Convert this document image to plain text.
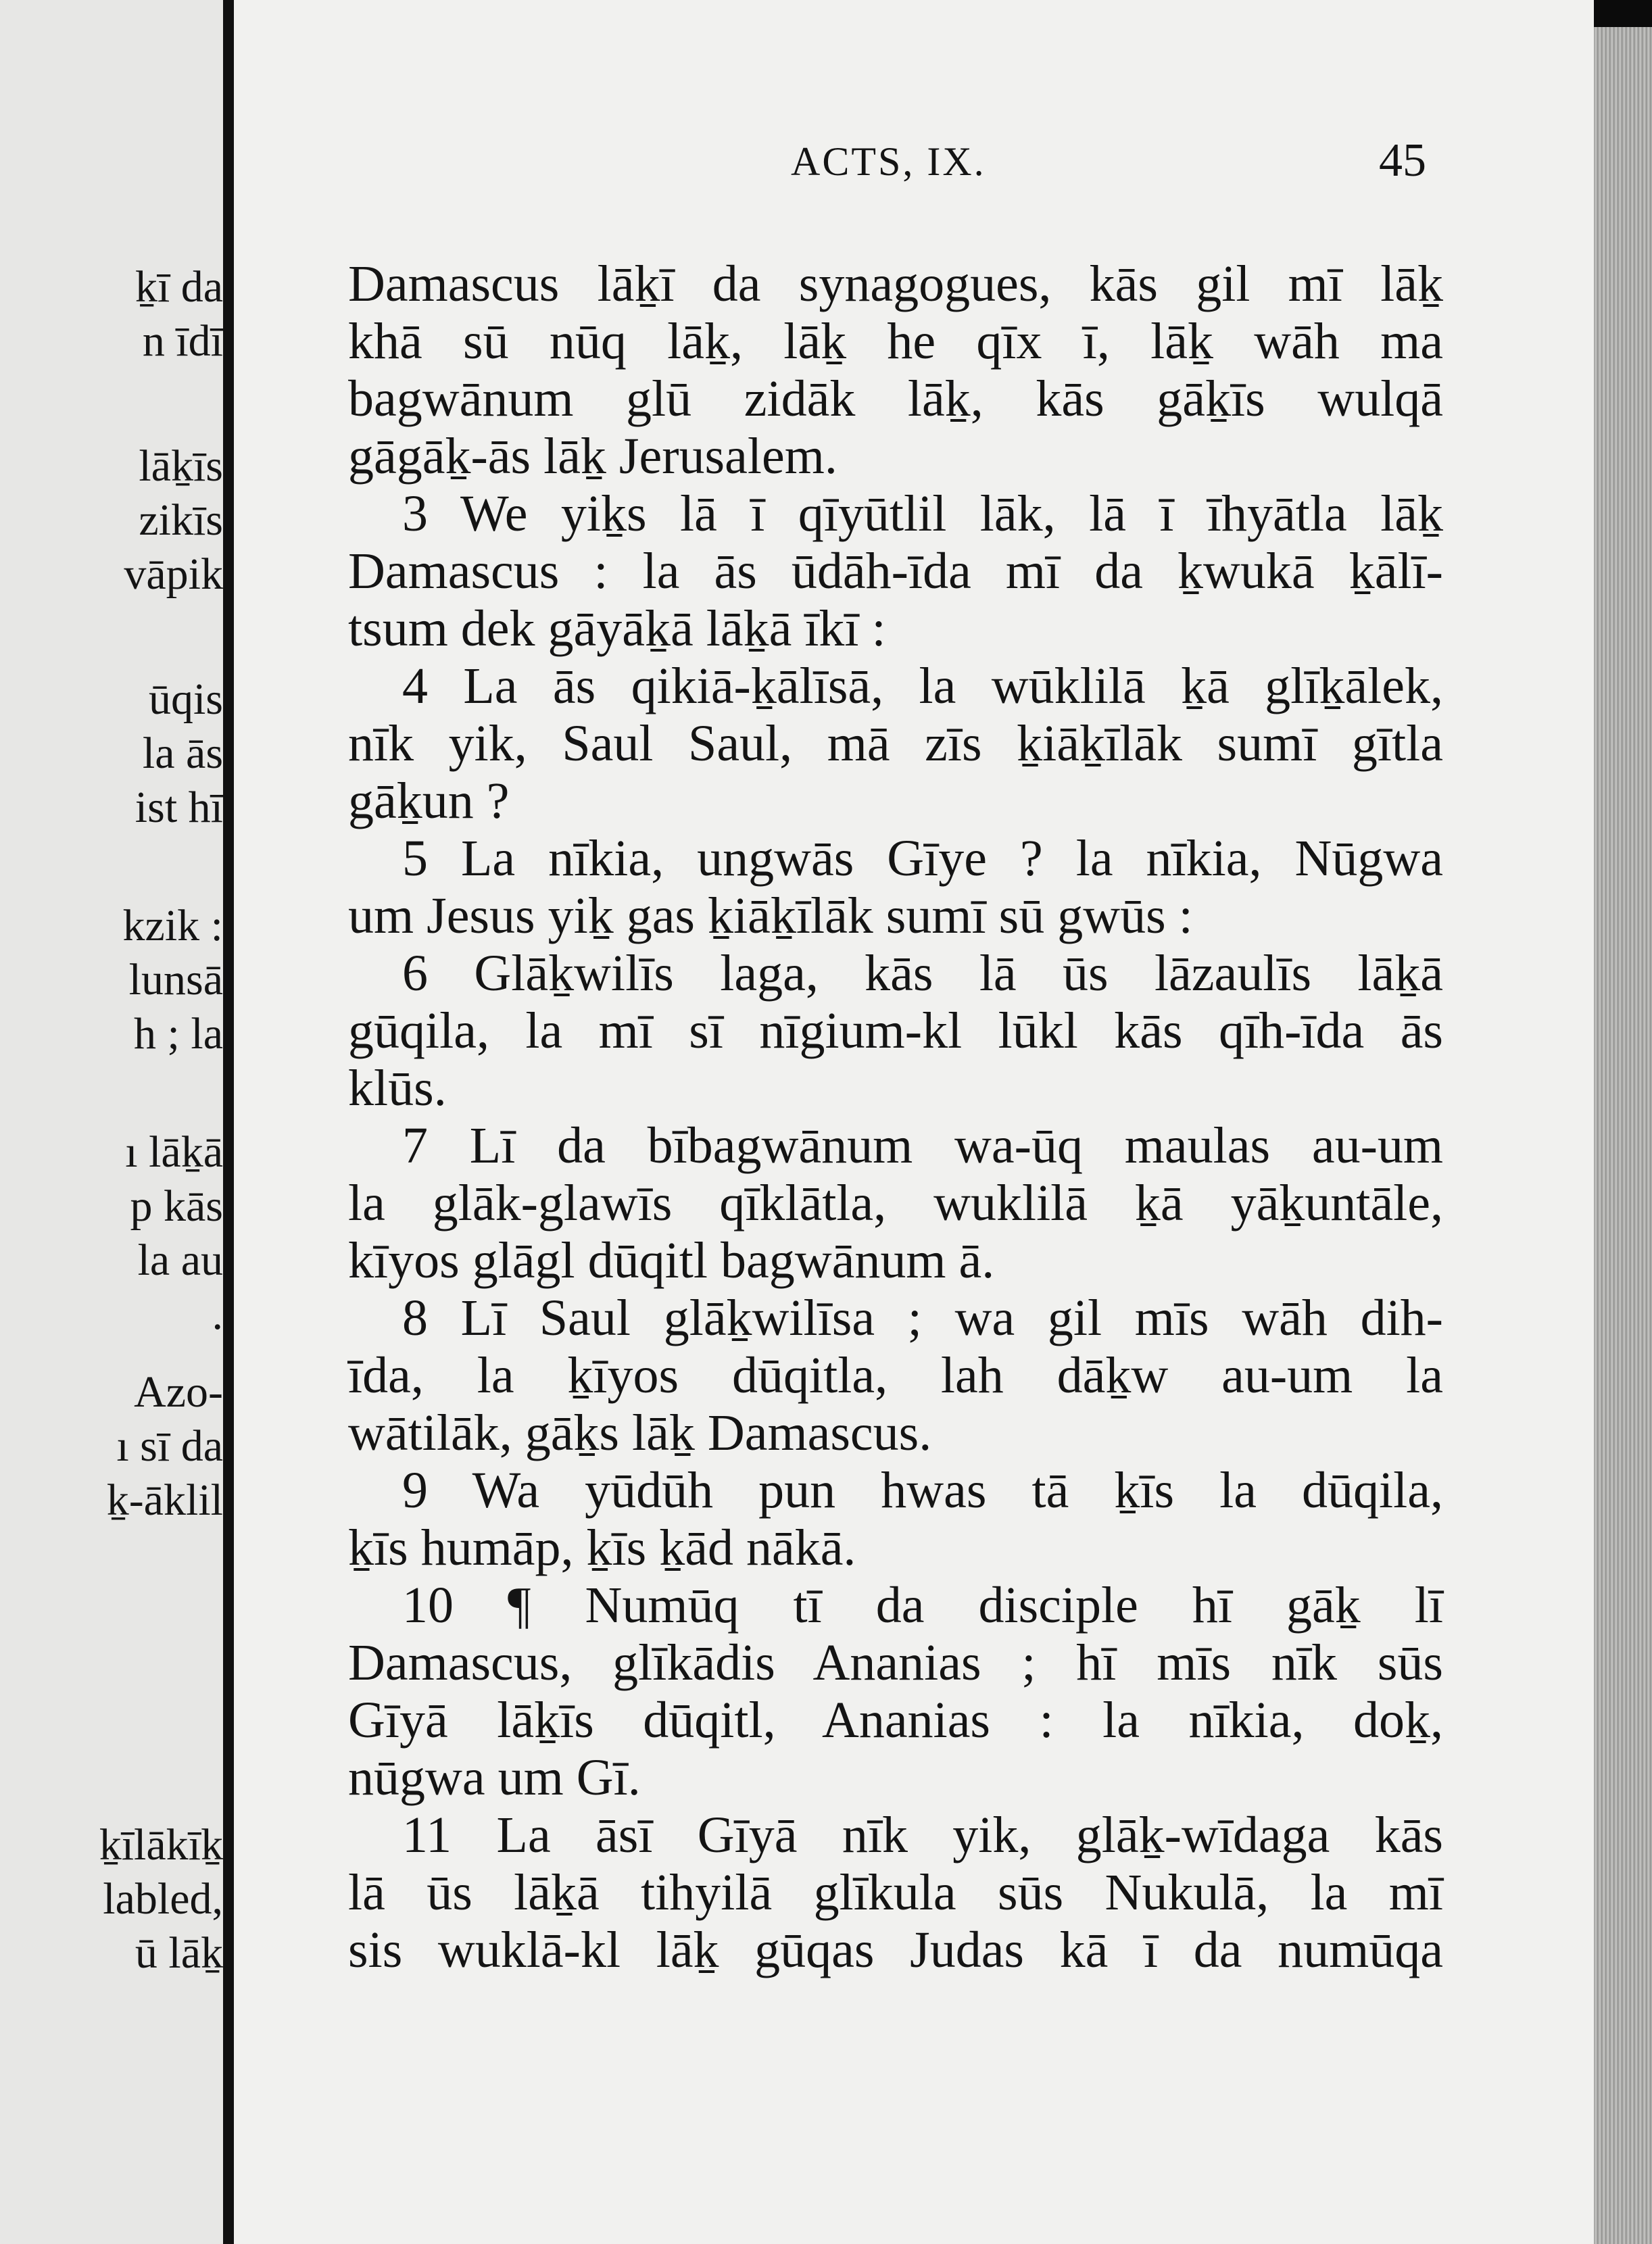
ḵī da
n īdī
lāḵīs
zikīs
vāpik
ūqis
la ās
ist hī
kzik :
lunsā
h ; la
ı lāḵā
p kās
la au
.
Azo-
ı sī da
ḵ-āklil
ḵīlākīḵ
labled,
ū lāḵ
ACTS, IX.	45
Damascus lāḵī da synagogues, kās gil mī lāḵ
khā sū nūq lāḵ, lāḵ he qīx ī, lāḵ wāh ma
bagwānum glū zidāk lāḵ, kās gāḵīs wulqā
gāgāḵ-ās lāḵ Jerusalem.
3 We yiḵs lā ī qīyūtlil lāk, lā ī īhyātla lāḵ
Damascus : la ās ūdāh-īda mī da ḵwukā ḵālī-
tsum dek gāyāḵā lāḵā īkī :
4 La ās qikiā-ḵālīsā, la wūklilā ḵā glīḵālek,
nīk yik, Saul Saul, mā zīs ḵiāḵīlāk sumī gītla
gāḵun ?
5 La nīkia, ungwās Gīye ? la nīkia, Nūgwa
um Jesus yiḵ gas ḵiāḵīlāk sumī sū gwūs :
6 Glāḵwilīs laga, kās lā ūs lāzaulīs lāḵā
gūqila, la mī sī nīgium-kl lūkl kās qīh-īda ās
klūs.
7 Lī da bībagwānum wa-ūq maulas au-um
la glāk-glawīs qīklātla, wuklilā ḵā yāḵuntāle,
kīyos glāgl dūqitl bagwānum ā.
8 Lī Saul glāḵwilīsa ; wa gil mīs wāh dih-
īda, la ḵīyos dūqitla, lah dāḵw au-um la
wātilāk, gāḵs lāḵ Damascus.
9 Wa yūdūh pun hwas tā ḵīs la dūqila,
ḵīs humāp, ḵīs ḵād nākā.
10 ¶ Numūq tī da disciple hī gāḵ lī
Damascus, glīkādis Ananias ; hī mīs nīk sūs
Gīyā lāḵīs dūqitl, Ananias : la nīkia, doḵ,
nūgwa um Gī.
11 La āsī Gīyā nīk yik, glāḵ-wīdaga kās
lā ūs lāḵā tihyilā glīkula sūs Nukulā, la mī
sis wuklā-kl lāḵ gūqas Judas kā ī da numūqa
